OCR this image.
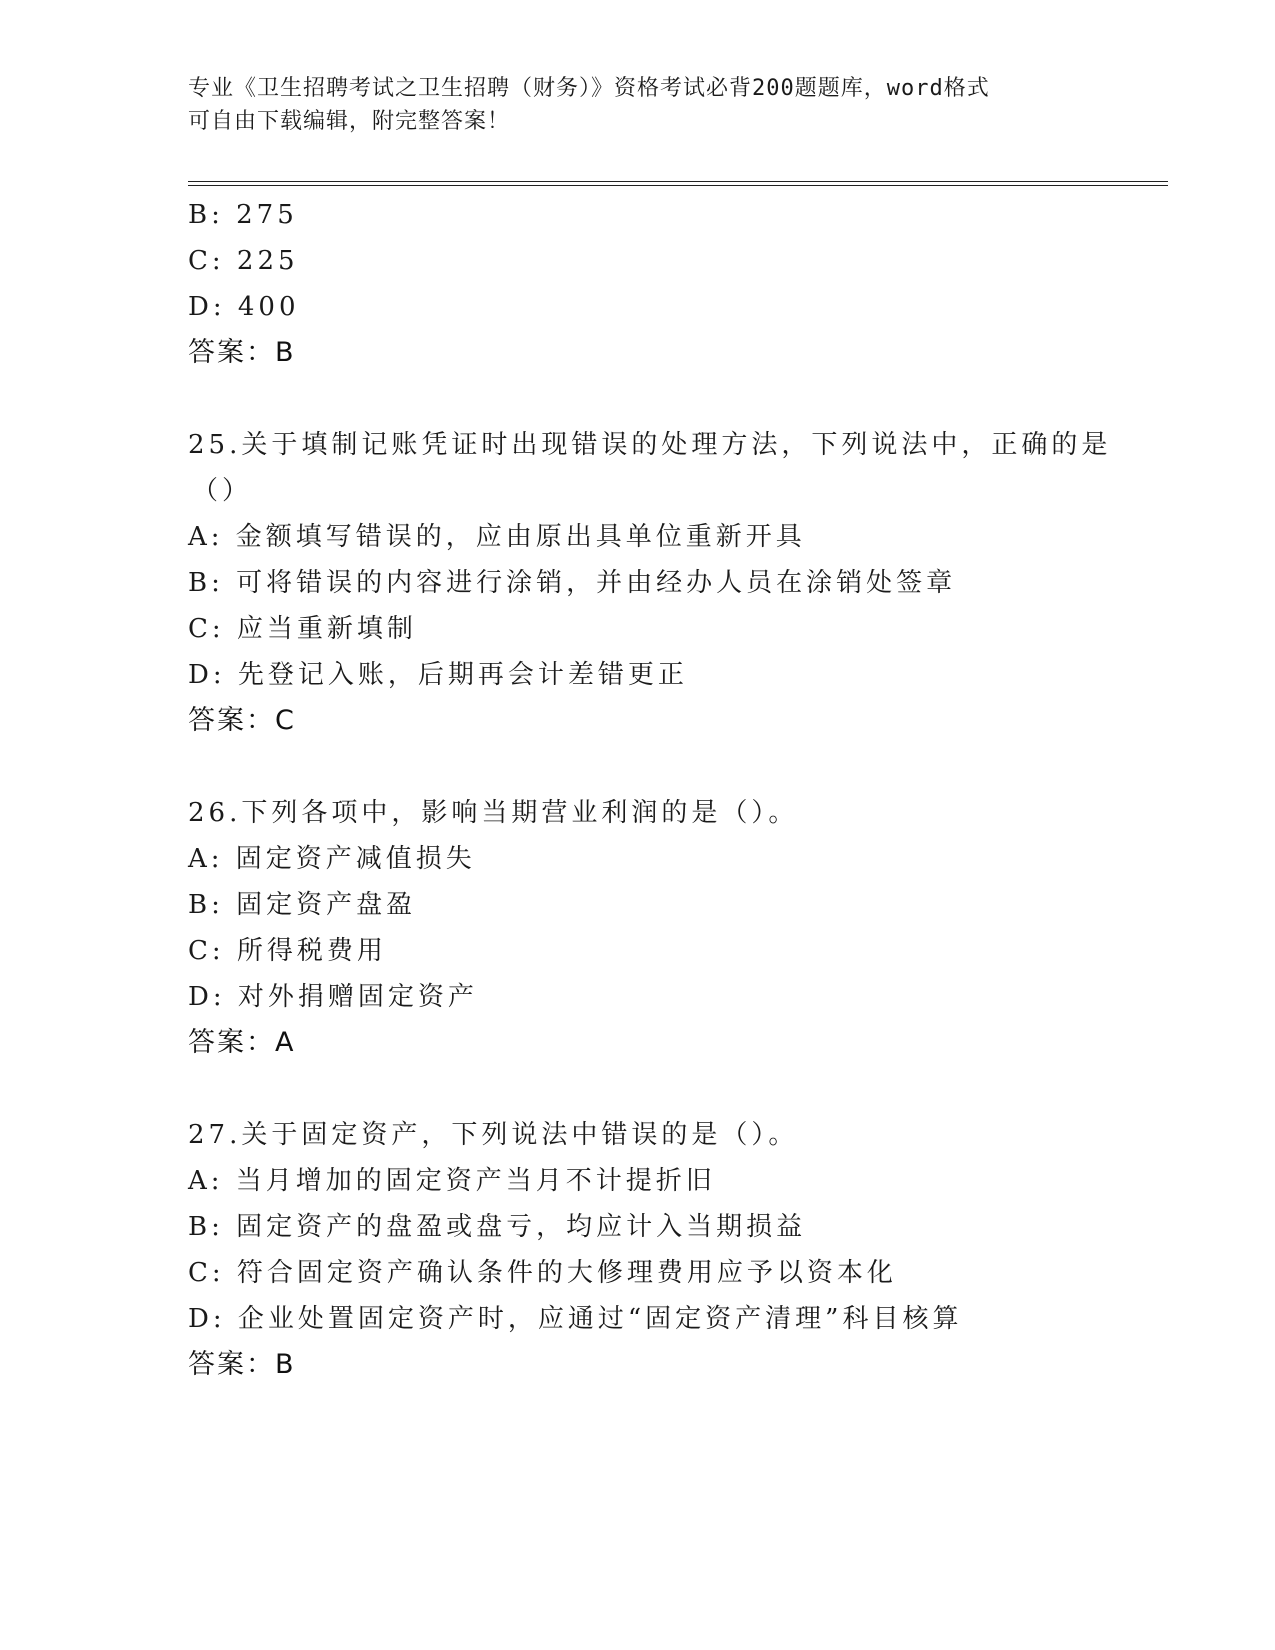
专业《卫生招聘考试之卫生招聘（财务）》资格考试必背200题题库，word格式
可自由下载编辑，附完整答案！
B: 275
C: 225
D: 400
答案：B
25.关于填制记账凭证时出现错误的处理方法，下列说法中，正确的是
（）
A: 金额填写错误的，应由原出具单位重新开具
B: 可将错误的内容进行涂销，并由经办人员在涂销处签章
C: 应当重新填制
D: 先登记入账，后期再会计差错更正
答案：C
26.下列各项中，影响当期营业利润的是（）。
A: 固定资产减值损失
B: 固定资产盘盈
C: 所得税费用
D: 对外捐赠固定资产
答案：A
27.关于固定资产，下列说法中错误的是（）。
A: 当月增加的固定资产当月不计提折旧
B: 固定资产的盘盈或盘亏，均应计入当期损益
C: 符合固定资产确认条件的大修理费用应予以资本化
D: 企业处置固定资产时，应通过“固定资产清理”科目核算
答案：B
